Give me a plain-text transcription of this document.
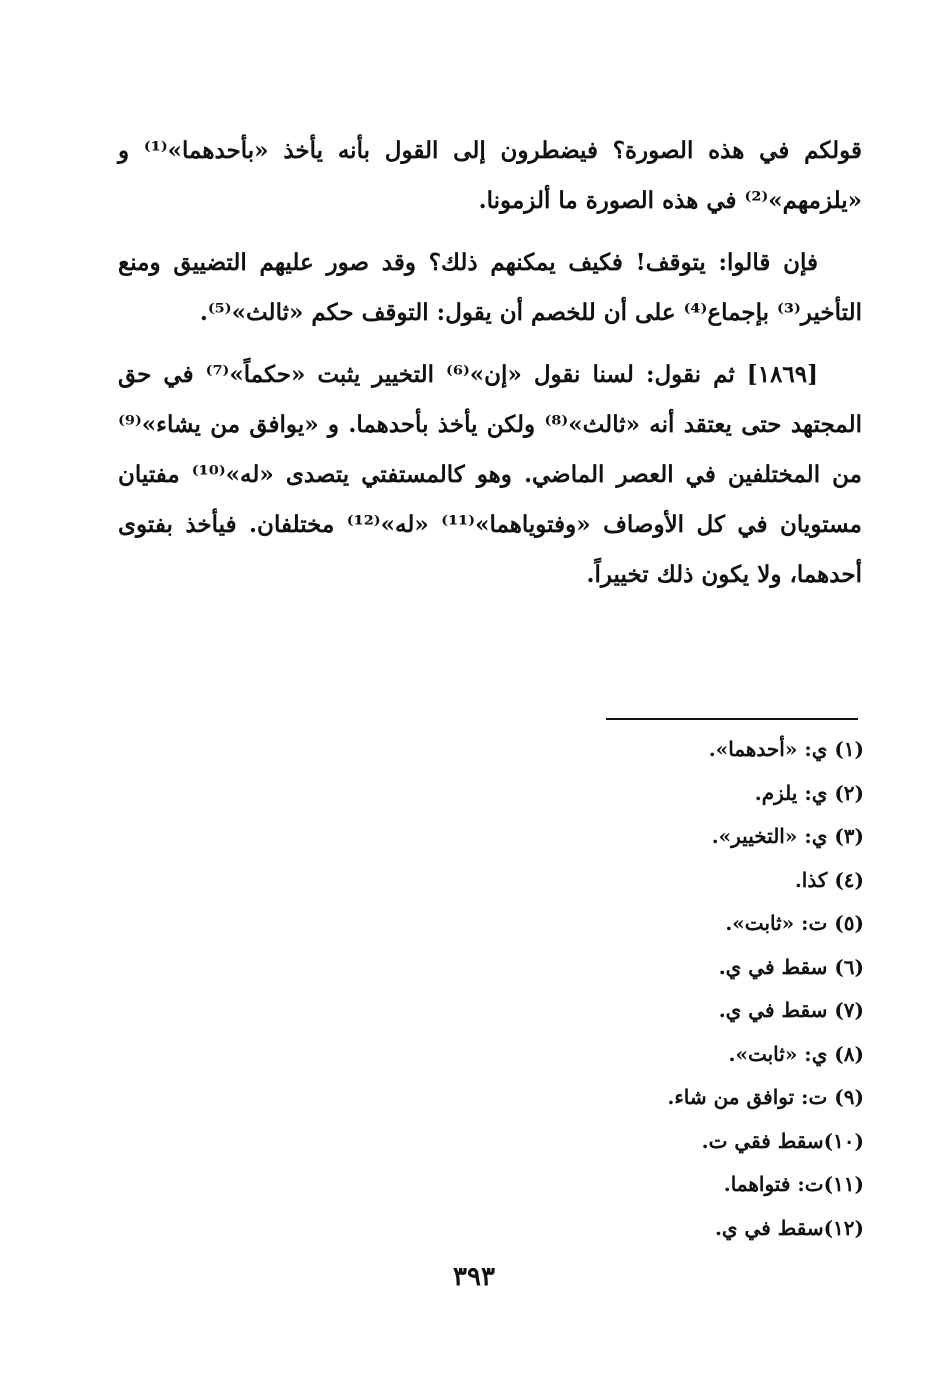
قولكم في هذه الصورة؟ فيضطرون إلى القول بأنه يأخذ «بأحدهما»⁽¹⁾ و «يلزمهم»⁽²⁾ في هذه الصورة ما ألزمونا.

فإن قالوا: يتوقف! فكيف يمكنهم ذلك؟ وقد صور عليهم التضييق ومنع التأخير⁽³⁾ بإجماع⁽⁴⁾ على أن للخصم أن يقول: التوقف حكم «ثالث»⁽⁵⁾.

[١٨٦٩] ثم نقول: لسنا نقول «إن»⁽⁶⁾ التخيير يثبت «حكماً»⁽⁷⁾ في حق المجتهد حتى يعتقد أنه «ثالث»⁽⁸⁾ ولكن يأخذ بأحدهما. و «يوافق من يشاء»⁽⁹⁾ من المختلفين في العصر الماضي. وهو كالمستفتي يتصدى «له»⁽¹⁰⁾ مفتيان مستويان في كل الأوصاف «وفتوياهما»⁽¹¹⁾ «له»⁽¹²⁾ مختلفان. فيأخذ بفتوى أحدهما، ولا يكون ذلك تخييراً.

(١) ي: «أحدهما».
(٢) ي: يلزم.
(٣) ي: «التخيير».
(٤) كذا.
(٥) ت: «ثابت».
(٦) سقط في ي.
(٧) سقط في ي.
(٨) ي: «ثابت».
(٩) ت: توافق من شاء.
(١٠)سقط فقي ت.
(١١)ت: فتواهما.
(١٢)سقط في ي.
٣٩٣
